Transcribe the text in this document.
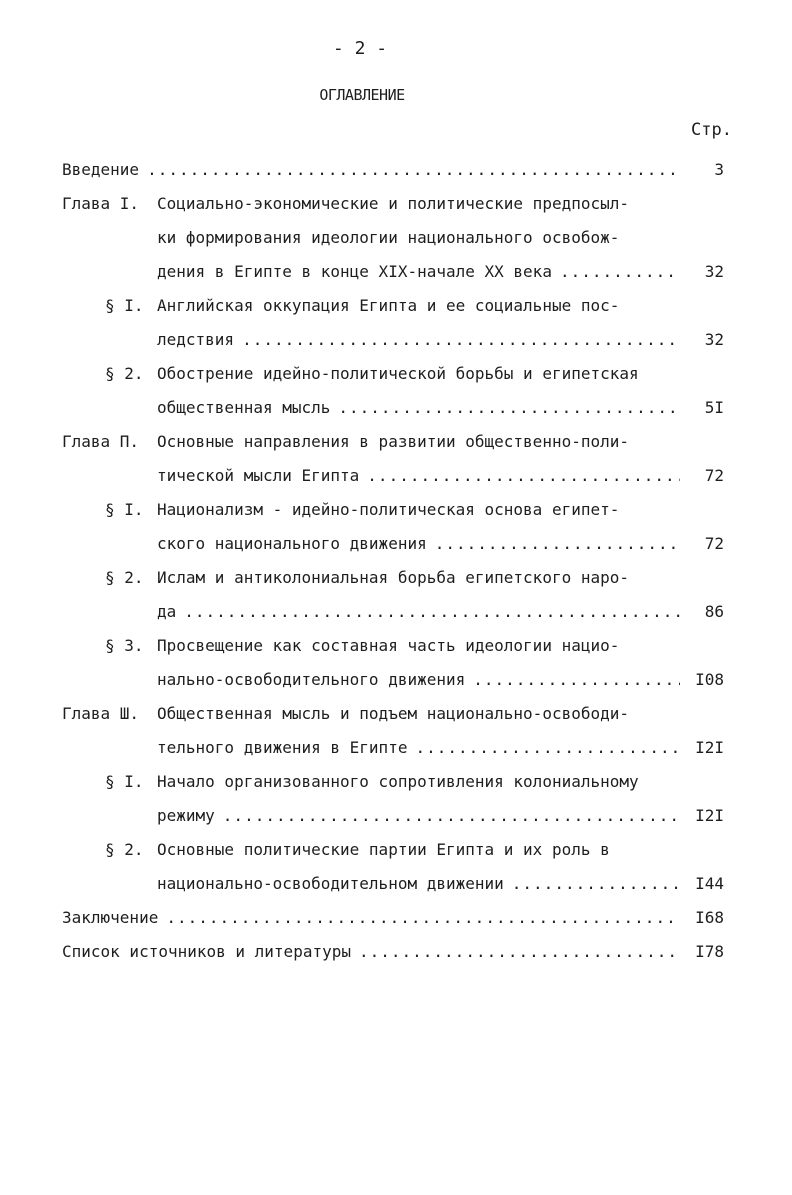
- 2 -
ОГЛАВЛЕНИЕ
Стр.
Введение .....	3
Глава I. Социально-экономические и политические предпосыл-
ки формирования идеологии национального освобож-
дения в Египте в конце XIX-начале XX века .....	32
§ I. Английская оккупация Египта и ее социальные пос-
ледствия .....	32
§ 2. Обострение идейно-политической борьбы и египетская
общественная мысль .....	5I
Глава П. Основные направления в развитии общественно-поли-
тической мысли Египта .....	72
§ I. Национализм - идейно-политическая основа египет-
ского национального движения .....	72
§ 2. Ислам и антиколониальная борьба египетского наро-
да .....	86
§ 3. Просвещение как составная часть идеологии нацио-
нально-освободительного движения .....	I08
Глава Ш. Общественная мысль и подъем национально-освободи-
тельного движения в Египте .....	I2I
§ I. Начало организованного сопротивления колониальному
режиму .....	I2I
§ 2. Основные политические партии Египта и их роль в
национально-освободительном движении .....	I44
Заключение .....	I68
Список источников и литературы .....	I78
